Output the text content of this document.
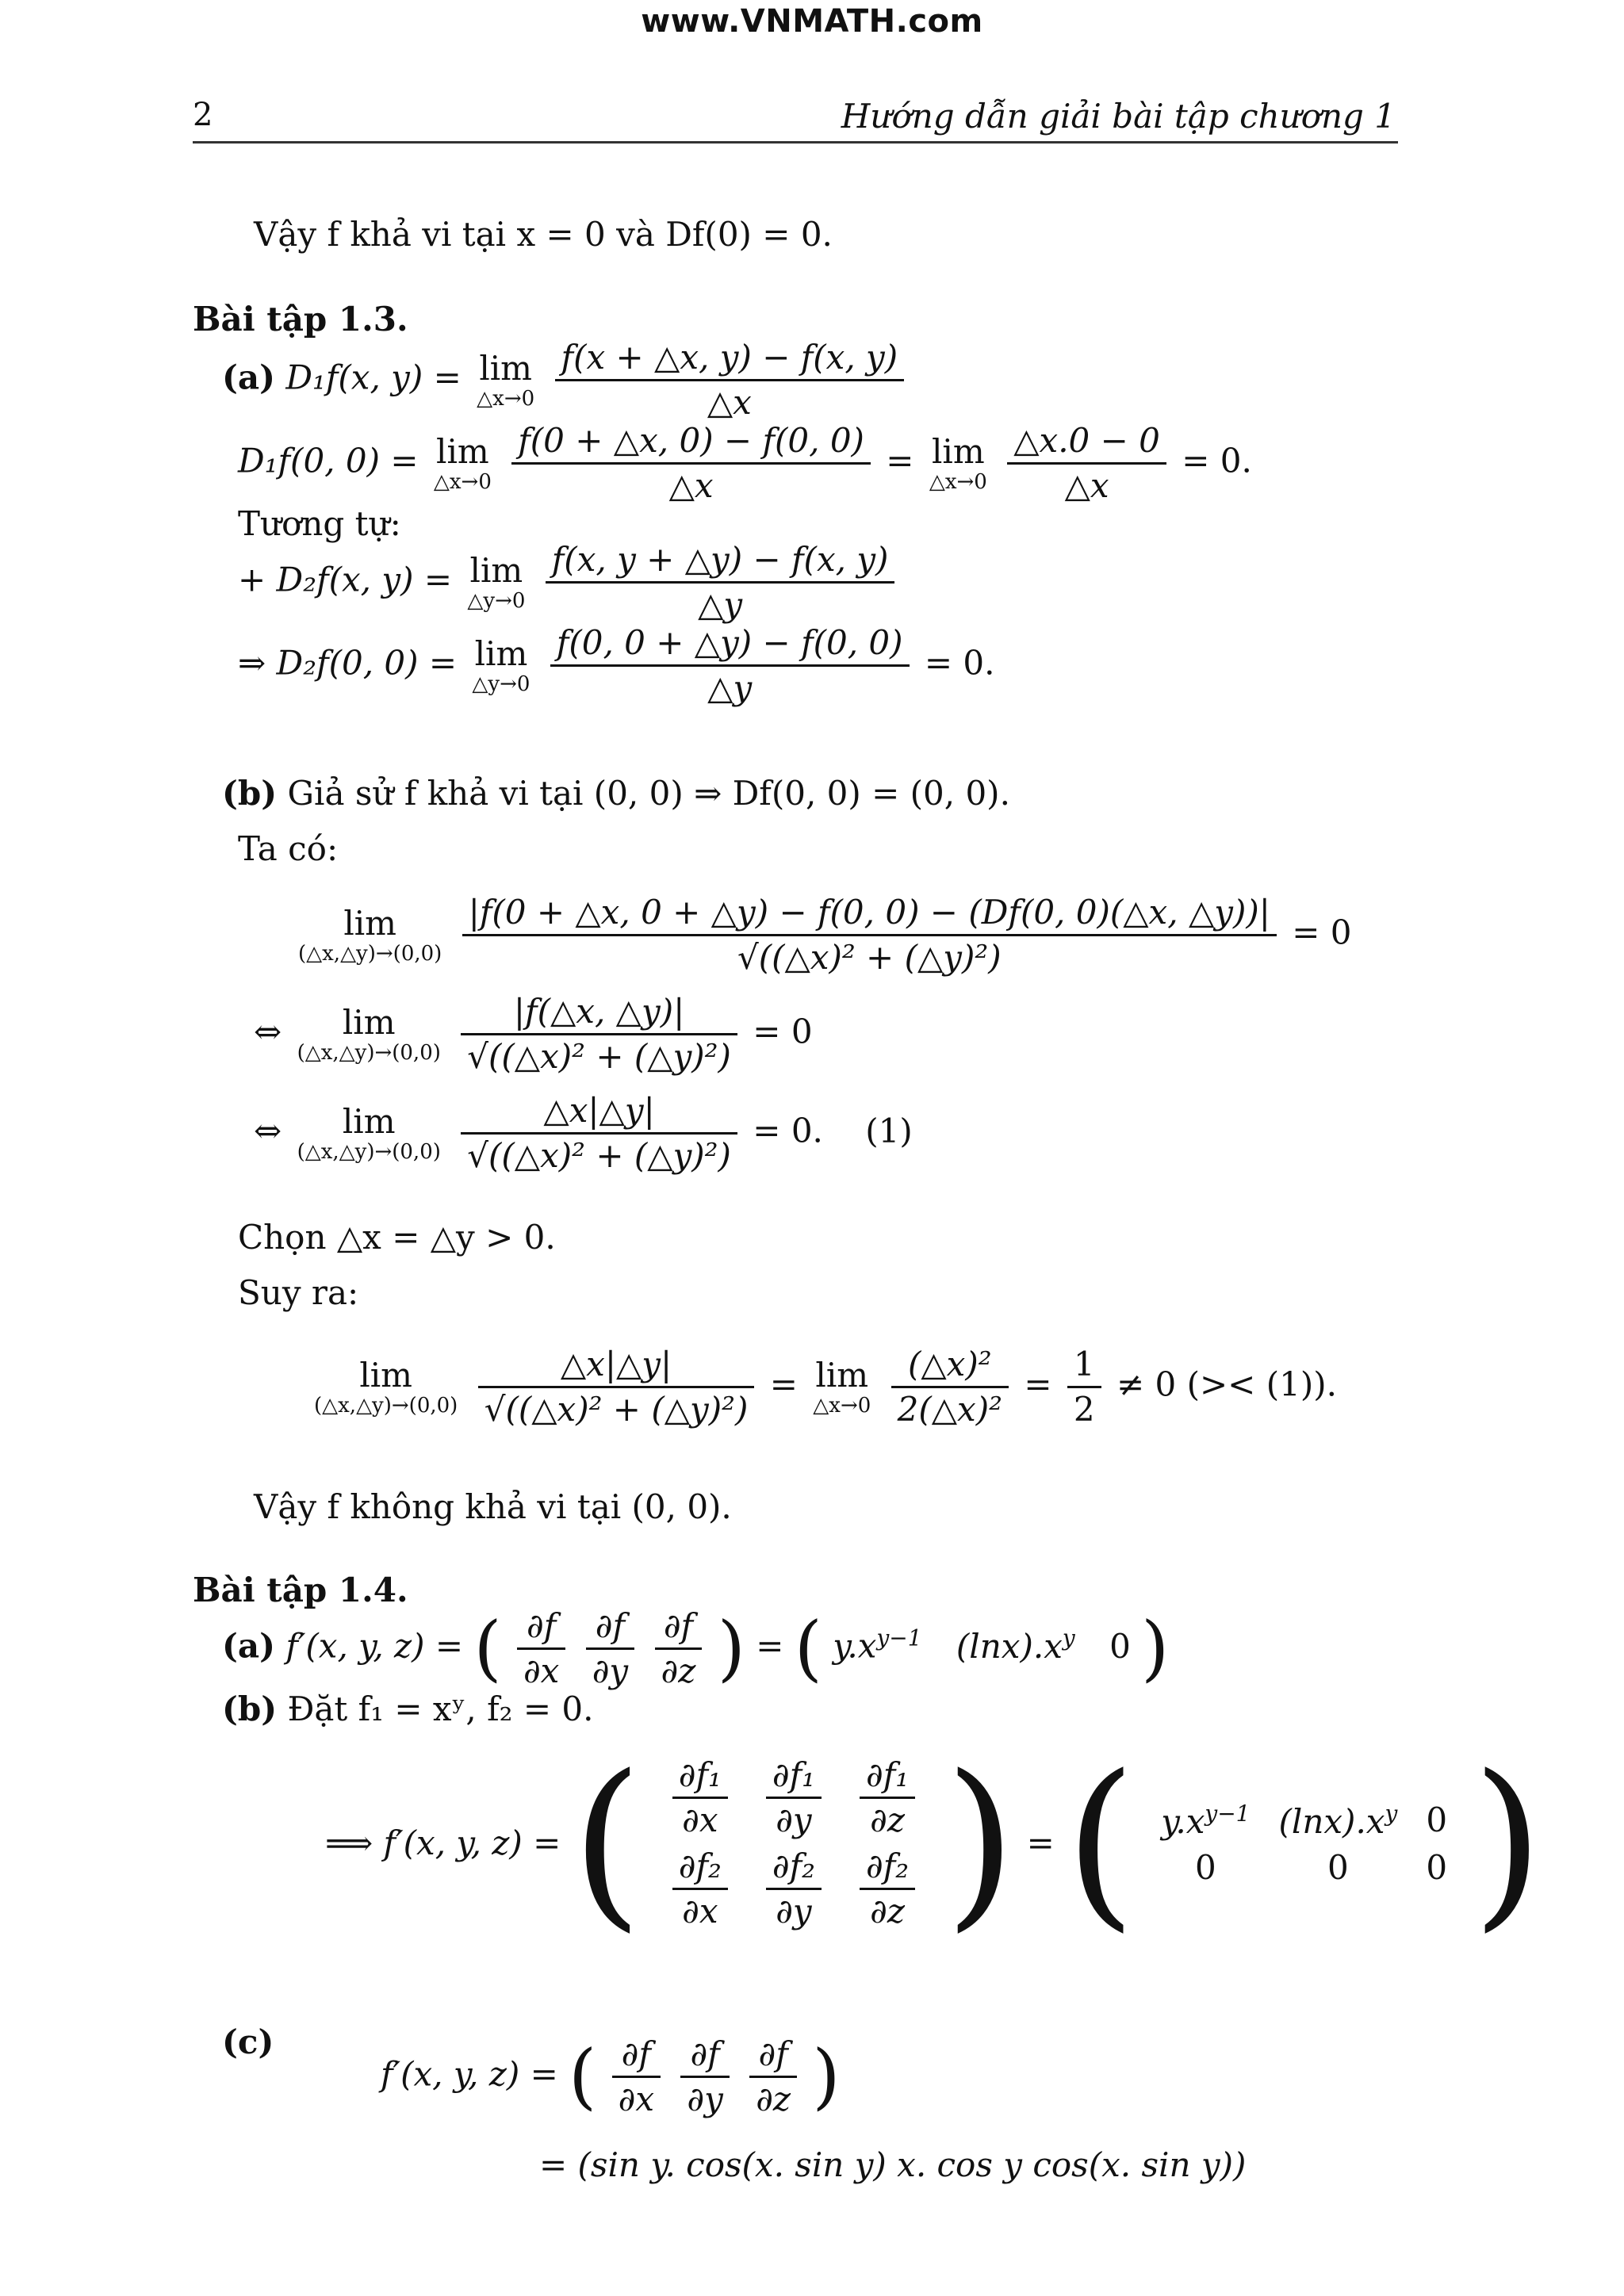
www.VNMATH.com
2	Hướng dẫn giải bài tập chương 1
Vậy f khả vi tại x = 0 và Df(0) = 0.
Bài tập 1.3.
(a) D₁f(x, y) = lim
△x→0
$\frac{f(x + \triangle x, y) - f(x, y)}{\triangle x}$
D₁f(0, 0) = lim
△x→0
$\frac{f(0 + \triangle x, 0) - f(0, 0)}{\triangle x} = \lim$
△x→0
$\frac{\triangle x.0 - 0}{\triangle x} = 0$.
Tương tự:
+ D₂f(x, y) = lim
△y→0
$\frac{f(x, y + \triangle y) - f(x, y)}{\triangle y}$
⇒ D₂f(0, 0) = lim
△y→0
$\frac{f(0, 0 + \triangle y) - f(0, 0)}{\triangle y} = 0$.
(b) Giả sử f khả vi tại (0, 0) ⇒ Df(0, 0) = (0, 0).
Ta có:
lim
(△x,△y)→(0,0)
$\frac{|f(0 + \triangle x, 0 + \triangle y) - f(0, 0) - (Df(0, 0)(\triangle x, \triangle y))|}{\text{√((△x)² + (△y)²)}} = 0$
⇔	lim
(△x,△y)→(0,0)
$\frac{|f(\triangle x, \triangle y)|}{\text{√((△x)² + (△y)²)}} = 0$
⇔	lim
(△x,△y)→(0,0)
$\frac{\triangle x|\triangle y|}{\text{√((△x)² + (△y)²)}} = 0$. (1)
Chọn △x = △y > 0.
Suy ra:
lim
(△x,△y)→(0,0)
$\frac{\triangle x|\triangle y|}{\text{√((△x)² + (△y)²)}} = \lim$
△x→0
$\frac{\text{(△x)²}}{\text{2(△x)²}} = \frac{1}{2} \ne 0$ (>< (1)).
Vậy f không khả vi tại (0, 0).
Bài tập 1.4.
(a) f′(x, y, z) = ( $\frac{\partial f}{\partial x}$
$\frac{\partial f}{\partial y}$
$\frac{\partial f}{\partial z}$ ) = ( $y.x^{y-1}$ $(\ln x).x^y$ 0 )
(b) Đặt f₁ = xʸ, f₂ = 0.
⟹ f′(x, y, z) = ( $\frac{\text{∂f₁}}{\partial x}$	$\frac{\text{∂f₁}}{\partial y}$	$\frac{\text{∂f₁}}{\partial z}$

$\frac{\text{∂f₂}}{\partial x}$	$\frac{\text{∂f₂}}{\partial y}$	$\frac{\text{∂f₂}}{\partial z}$ ) = ( $y.x^{y-1}$	$(\ln x).x^y$	0
0	0	0 )
(c)
f′(x, y, z) = ( $\frac{\partial f}{\partial x}$
$\frac{\partial f}{\partial y}$
$\frac{\partial f}{\partial z}$ )
= (sin y. cos(x. sin y) x. cos y cos(x. sin y))
